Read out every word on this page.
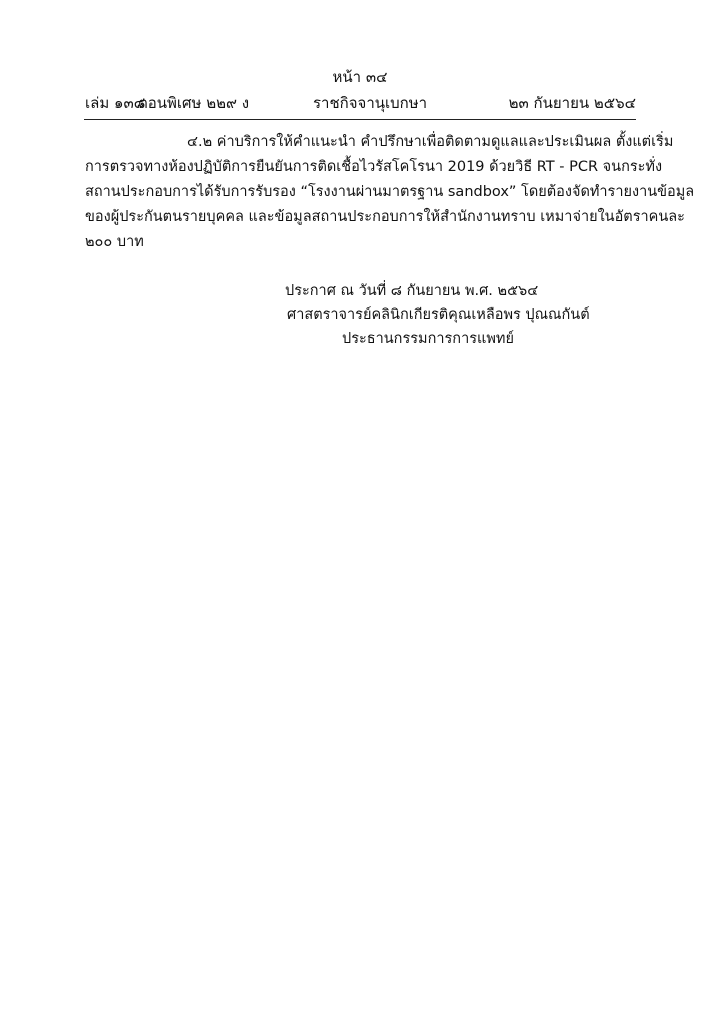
หน้า ๓๔
เล่ม ๑๓๘
ตอนพิเศษ ๒๒๙ ง	ราชกิจจานุเบกษา	๒๓ กันยายน ๒๕๖๔
๔.๒ ค่าบริการให้คำแนะนำ คำปรึกษาเพื่อติดตามดูแลและประเมินผล ตั้งแต่เริ่ม
การตรวจทางห้องปฏิบัติการยืนยันการติดเชื้อไวรัสโคโรนา 2019 ด้วยวิธี RT - PCR จนกระทั่ง
สถานประกอบการได้รับการรับรอง “โรงงานผ่านมาตรฐาน sandbox” โดยต้องจัดทำรายงานข้อมูล
ของผู้ประกันตนรายบุคคล และข้อมูลสถานประกอบการให้สำนักงานทราบ เหมาจ่ายในอัตราคนละ
๒๐๐ บาท
ประกาศ ณ วันที่ ๘ กันยายน พ.ศ. ๒๕๖๔
ศาสตราจารย์คลินิกเกียรติคุณเหลือพร ปุณณกันต์
ประธานกรรมการการแพทย์
